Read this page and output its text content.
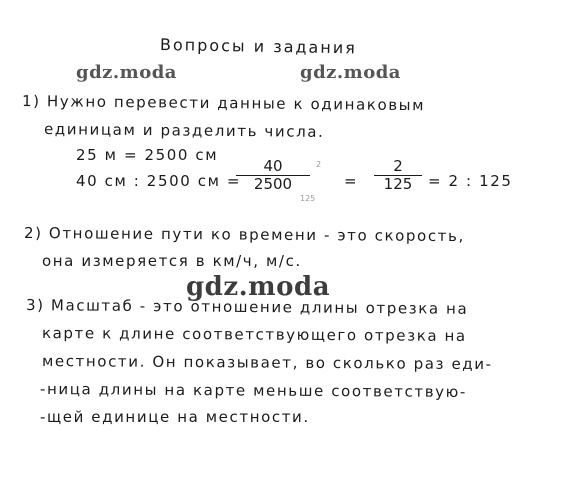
Вопросы и задания
gdz.moda	gdz.moda
1) Нужно перевести данные к одинаковым
единицам и разделить числа.
25 м = 2500 см
40 см : 2500 см =
40
2500
2
125
=
2
125	= 2 : 125
2) Отношение пути ко времени - это скорость,
она измеряется в км/ч, м/с.
gdz.moda
3) Масштаб - это отношение длины отрезка на
карте к длине соответствующего отрезка на
местности. Он показывает, во сколько раз еди-
-ница длины на карте меньше соответствую-
-щей единице на местности.
